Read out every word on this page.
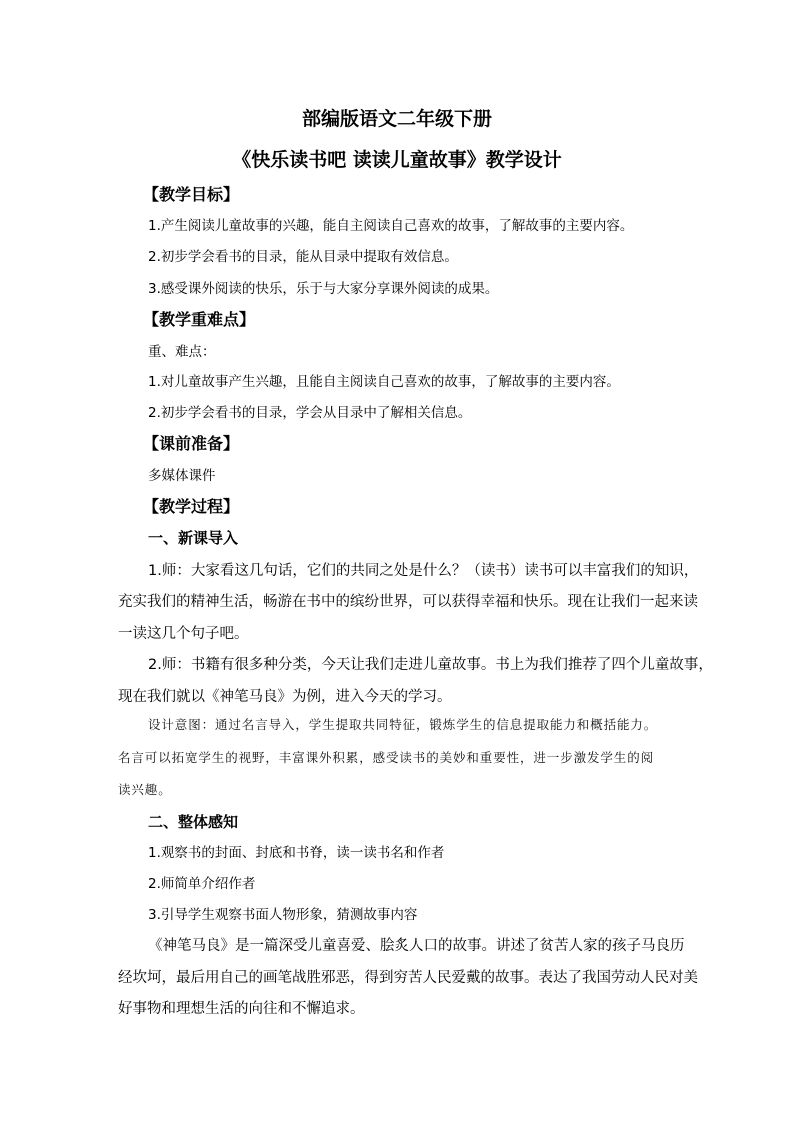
部编版语文二年级下册
《快乐读书吧 读读儿童故事》教学设计
【教学目标】
1.产生阅读儿童故事的兴趣，能自主阅读自己喜欢的故事，了解故事的主要内容。
2.初步学会看书的目录，能从目录中提取有效信息。
3.感受课外阅读的快乐，乐于与大家分享课外阅读的成果。
【教学重难点】
重、难点：
1.对儿童故事产生兴趣，且能自主阅读自己喜欢的故事，了解故事的主要内容。
2.初步学会看书的目录，学会从目录中了解相关信息。
【课前准备】
多媒体课件
【教学过程】
一、新课导入
1.师：大家看这几句话，它们的共同之处是什么？（读书）读书可以丰富我们的知识，
充实我们的精神生活，畅游在书中的缤纷世界，可以获得幸福和快乐。现在让我们一起来读
一读这几个句子吧。
2.师：书籍有很多种分类，今天让我们走进儿童故事。书上为我们推荐了四个儿童故事，
现在我们就以《神笔马良》为例，进入今天的学习。
设计意图：通过名言导入，学生提取共同特征，锻炼学生的信息提取能力和概括能力。
名言可以拓宽学生的视野，丰富课外积累，感受读书的美妙和重要性，进一步激发学生的阅
读兴趣。
二、整体感知
1.观察书的封面、封底和书脊，读一读书名和作者
2.师简单介绍作者
3.引导学生观察书面人物形象，猜测故事内容
《神笔马良》是一篇深受儿童喜爱、脍炙人口的故事。讲述了贫苦人家的孩子马良历
经坎坷，最后用自己的画笔战胜邪恶，得到穷苦人民爱戴的故事。表达了我国劳动人民对美
好事物和理想生活的向往和不懈追求。
